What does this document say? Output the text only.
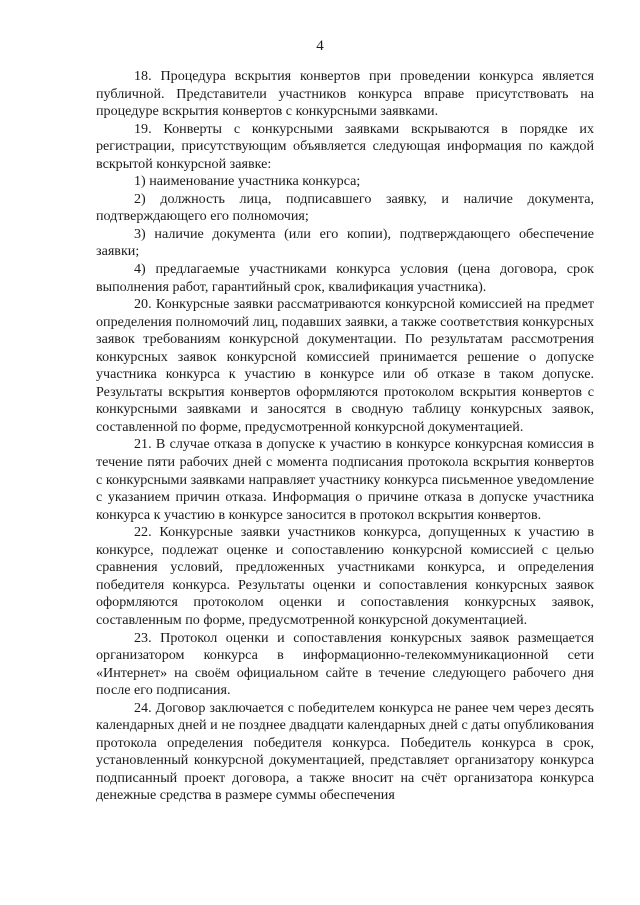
4

18. Процедура вскрытия конвертов при проведении конкурса является публичной. Представители участников конкурса вправе присутствовать на процедуре вскрытия конвертов с конкурсными заявками.

19. Конверты с конкурсными заявками вскрываются в порядке их регистрации, присутствующим объявляется следующая информация по каждой вскрытой конкурсной заявке:

1) наименование участника конкурса;

2) должность лица, подписавшего заявку, и наличие документа, подтверждающего его полномочия;

3) наличие документа (или его копии), подтверждающего обеспечение заявки;

4) предлагаемые участниками конкурса условия (цена договора, срок выполнения работ, гарантийный срок, квалификация участника).

20. Конкурсные заявки рассматриваются конкурсной комиссией на предмет определения полномочий лиц, подавших заявки, а также соответствия конкурсных заявок требованиям конкурсной документации. По результатам рассмотрения конкурсных заявок конкурсной комиссией принимается решение о допуске участника конкурса к участию в конкурсе или об отказе в таком допуске. Результаты вскрытия конвертов оформляются протоколом вскрытия конвертов с конкурсными заявками и заносятся в сводную таблицу конкурсных заявок, составленной по форме, предусмотренной конкурсной документацией.

21. В случае отказа в допуске к участию в конкурсе конкурсная комиссия в течение пяти рабочих дней с момента подписания протокола вскрытия конвертов с конкурсными заявками направляет участнику конкурса письменное уведомление с указанием причин отказа. Информация о причине отказа в допуске участника конкурса к участию в конкурсе заносится в протокол вскрытия конвертов.

22. Конкурсные заявки участников конкурса, допущенных к участию в конкурсе, подлежат оценке и сопоставлению конкурсной комиссией с целью сравнения условий, предложенных участниками конкурса, и определения победителя конкурса. Результаты оценки и сопоставления конкурсных заявок оформляются протоколом оценки и сопоставления конкурсных заявок, составленным по форме, предусмотренной конкурсной документацией.

23. Протокол оценки и сопоставления конкурсных заявок размещается организатором конкурса в информационно-телекоммуникационной сети «Интернет» на своём официальном сайте в течение следующего рабочего дня после его подписания.

24. Договор заключается с победителем конкурса не ранее чем через десять календарных дней и не позднее двадцати календарных дней с даты опубликования протокола определения победителя конкурса. Победитель конкурса в срок, установленный конкурсной документацией, представляет организатору конкурса подписанный проект договора, а также вносит на счёт организатора конкурса денежные средства в размере суммы обеспечения
